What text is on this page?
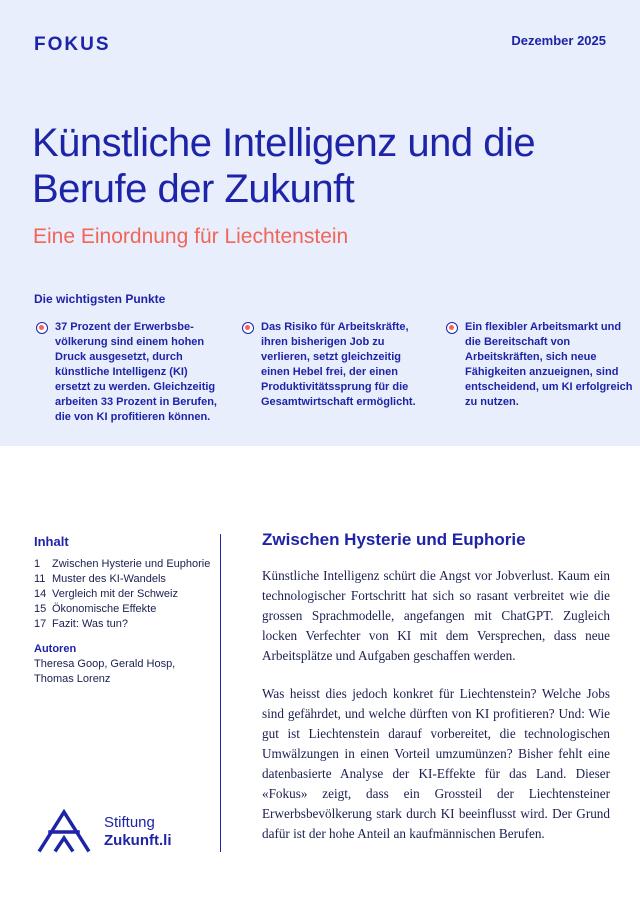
FOKUS	Dezember 2025
Künstliche Intelligenz und die Berufe der Zukunft
Eine Einordnung für Liechtenstein
Die wichtigsten Punkte
37 Prozent der Erwerbsbe-völkerung sind einem hohen Druck ausgesetzt, durch künstliche Intelligenz (KI) ersetzt zu werden. Gleichzeitig arbeiten 33 Prozent in Berufen, die von KI profitieren können.
Das Risiko für Arbeitskräfte, ihren bisherigen Job zu verlieren, setzt gleichzeitig einen Hebel frei, der einen Produktivitätssprung für die Gesamtwirtschaft ermöglicht.
Ein flexibler Arbeitsmarkt und die Bereitschaft von Arbeitskräften, sich neue Fähigkeiten anzueignen, sind entscheidend, um KI erfolgreich zu nutzen.
Inhalt
1	Zwischen Hysterie und Euphorie
11 Muster des KI-Wandels
14 Vergleich mit der Schweiz
15 Ökonomische Effekte
17 Fazit: Was tun?
Autoren
Theresa Goop, Gerald Hosp, Thomas Lorenz
Stiftung
Zukunft.li
Zwischen Hysterie und Euphorie

Künstliche Intelligenz schürt die Angst vor Jobverlust. Kaum ein technologischer Fortschritt hat sich so rasant verbreitet wie die grossen Sprachmodelle, angefangen mit ChatGPT. Zugleich locken Verfechter von KI mit dem Versprechen, dass neue Arbeitsplätze und Aufgaben geschaffen werden.

Was heisst dies jedoch konkret für Liechtenstein? Welche Jobs sind gefährdet, und welche dürften von KI profitieren? Und: Wie gut ist Liechtenstein darauf vorbereitet, die technologischen Umwälzungen in einen Vorteil umzumünzen? Bisher fehlt eine datenbasierte Analyse der KI-Effekte für das Land. Dieser «Fokus» zeigt, dass ein Grossteil der Liechtensteiner Erwerbsbevölkerung stark durch KI beeinflusst wird. Der Grund dafür ist der hohe Anteil an kaufmännischen Berufen.
